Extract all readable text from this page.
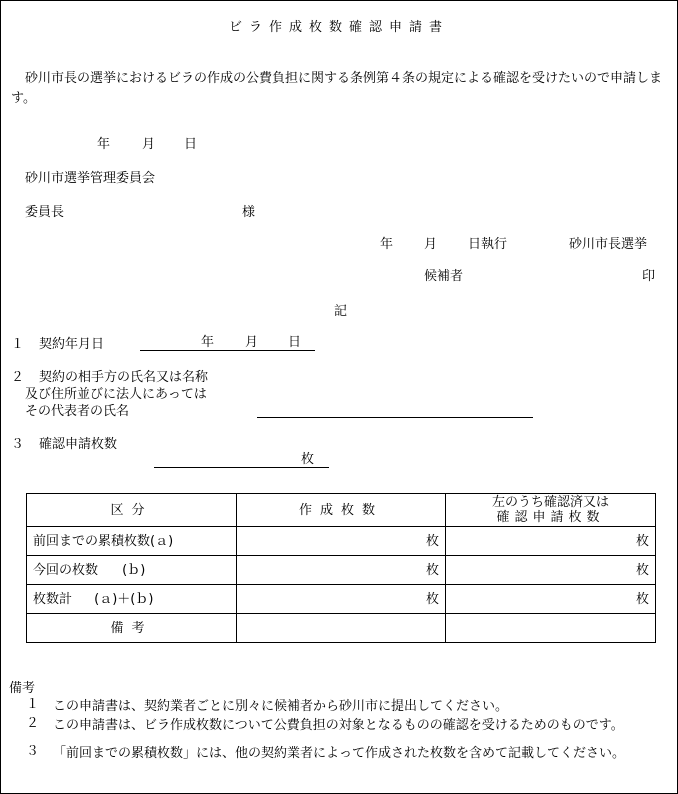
ビラ作成枚数確認申請書
砂川市長の選挙におけるビラの作成の公費負担に関する条例第４条の規定による確認を受けたいので申請します。
年 月 日
砂川市選挙管理委員会
委員長	様
年 月 日執行	砂川市長選挙
候補者	印
記
１ 契約年月日	年 月 日
２ 契約の相手方の氏名又は名称
及び住所並びに法人にあっては
その代表者の氏名
３ 確認申請枚数
枚
区分	作成枚数	左のうち確認済又は
確認申請枚数

前回までの累積枚数(ａ)	枚	枚
今回の枚数 (ｂ)	枚	枚
枚数計 (ａ)＋(ｂ)	枚	枚
備考		
備考
１ この申請書は、契約業者ごとに別々に候補者から砂川市に提出してください。
２ この申請書は、ビラ作成枚数について公費負担の対象となるものの確認を受けるためのものです。
３ 「前回までの累積枚数」には、他の契約業者によって作成された枚数を含めて記載してください。
